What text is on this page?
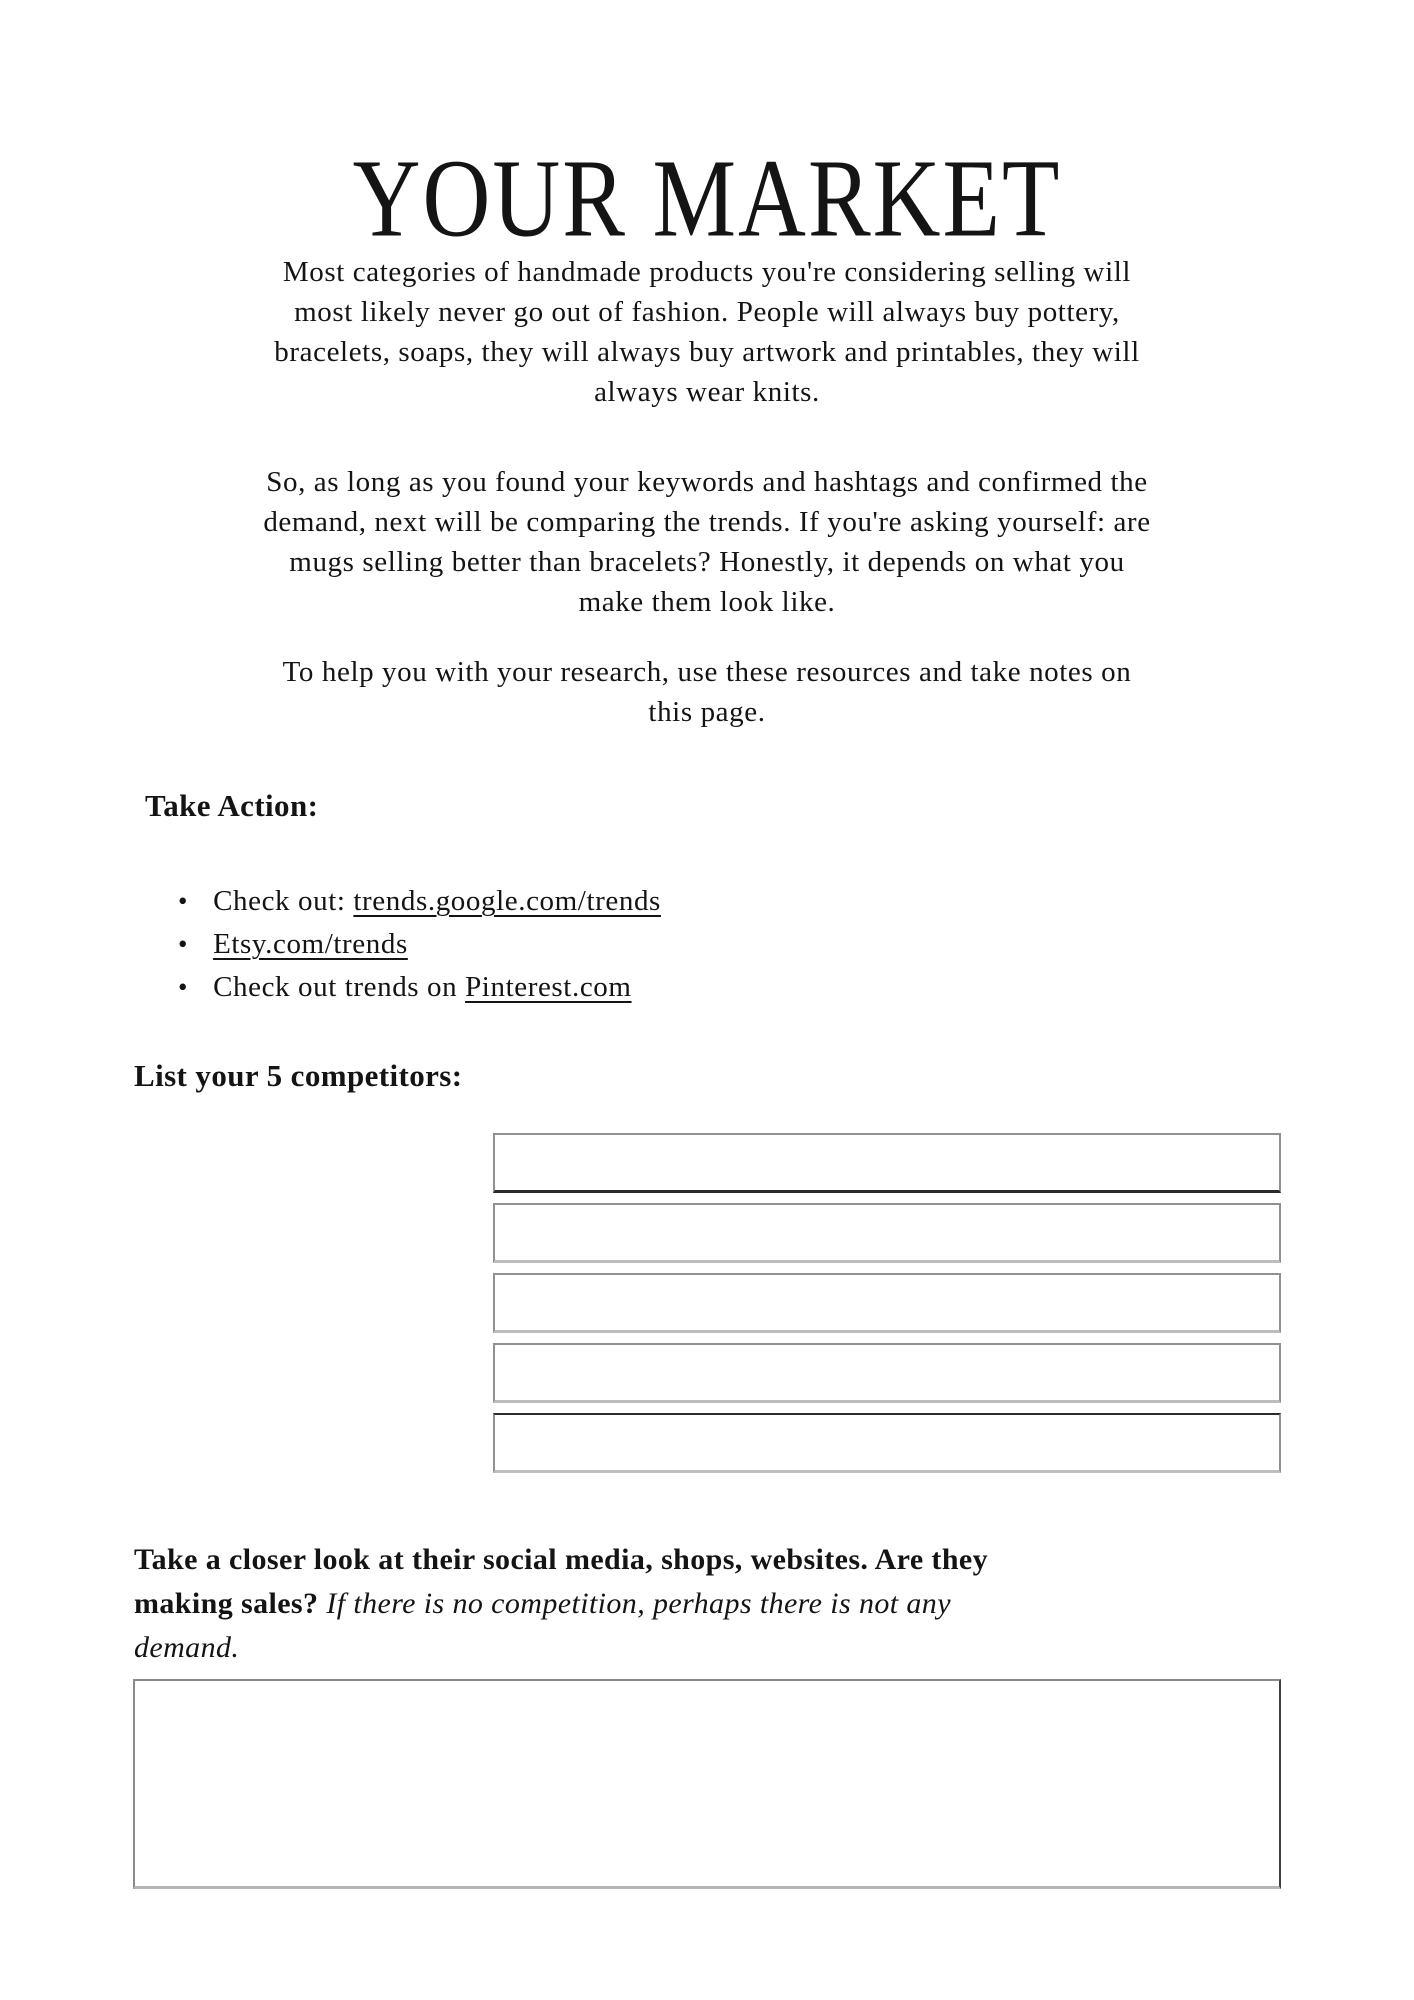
YOUR MARKET
Most categories of handmade products you're considering selling will
most likely never go out of fashion. People will always buy pottery,
bracelets, soaps, they will always buy artwork and printables, they will
always wear knits.
So, as long as you found your keywords and hashtags and confirmed the
demand, next will be comparing the trends. If you're asking yourself: are
mugs selling better than bracelets? Honestly, it depends on what you
make them look like.
To help you with your research, use these resources and take notes on
this page.
Take Action:
• Check out: trends.google.com/trends
• Etsy.com/trends
• Check out trends on Pinterest.com
List your 5 competitors:
Take a closer look at their social media, shops, websites. Are they
making sales? If there is no competition, perhaps there is not any
demand.
